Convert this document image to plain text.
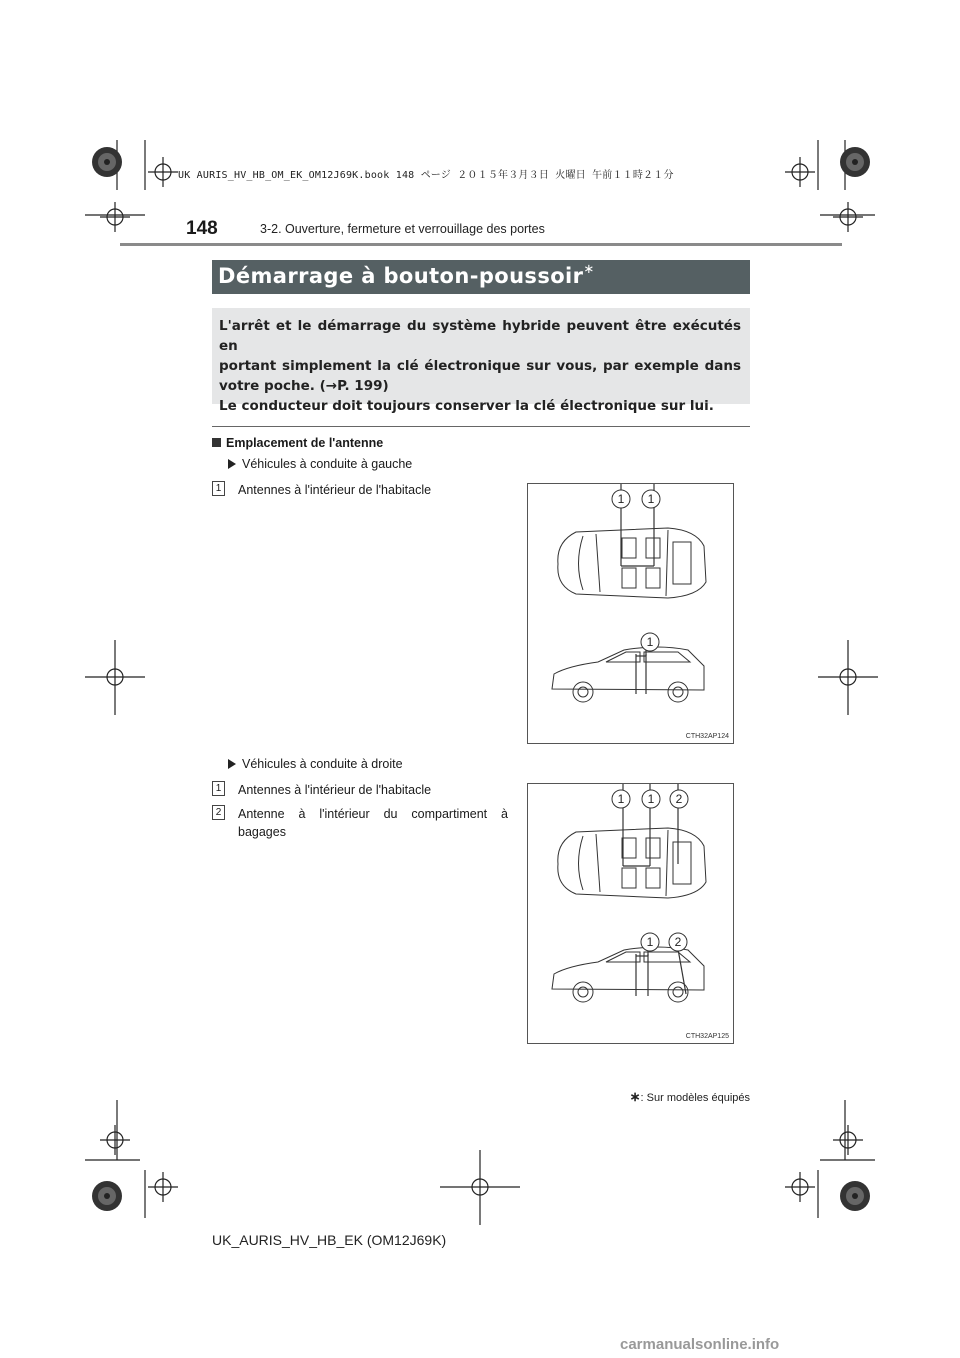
UK AURIS_HV_HB_OM_EK_OM12J69K.book 148 ページ ２０１５年３月３日 火曜日 午前１１時２１分
148	3-2. Ouverture, fermeture et verrouillage des portes
Démarrage à bouton-poussoir∗
L'arrêt et le démarrage du système hybride peuvent être exécutés en
portant simplement la clé électronique sur vous, par exemple dans
votre poche. (→P. 199)
Le conducteur doit toujours conserver la clé électronique sur lui.
Emplacement de l'antenne
Véhicules à conduite à gauche
1 Antennes à l'intérieur de l'habitacle
1 1
1
CTH32AP124
Véhicules à conduite à droite
1 Antennes à l'intérieur de l'habitacle
2 Antenne à l'intérieur du compartiment à
bagages
1 1 2
1 2
CTH32AP125
∗: Sur modèles équipés
UK_AURIS_HV_HB_EK (OM12J69K)
carmanualsonline.info
